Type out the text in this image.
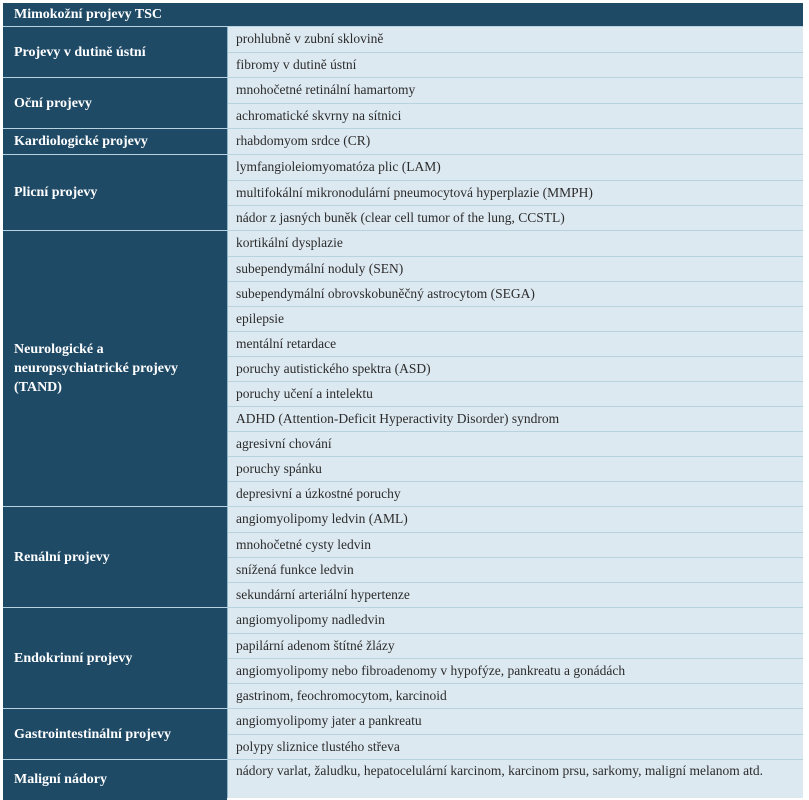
Mimokožní projevy TSC
Projevy v dutině ústní
prohlubně v zubní sklovině
fibromy v dutině ústní
Oční projevy
mnohočetné retinální hamartomy
achromatické skvrny na sítnici
Kardiologické projevy	rhabdomyom srdce (CR)
Plicní projevy
lymfangioleiomyomatóza plic (LAM)
multifokální mikronodulární pneumocytová hyperplazie (MMPH)
nádor z jasných buněk (clear cell tumor of the lung, CCSTL)
Neurologické a neuropsychiatrické projevy (TAND)
kortikální dysplazie
subependymální noduly (SEN)
subependymální obrovskobuněčný astrocytom (SEGA)
epilepsie
mentální retardace
poruchy autistického spektra (ASD)
poruchy učení a intelektu
ADHD (Attention-Deficit Hyperactivity Disorder) syndrom
agresivní chování
poruchy spánku
depresivní a úzkostné poruchy
Renální projevy
angiomyolipomy ledvin (AML)
mnohočetné cysty ledvin
snížená funkce ledvin
sekundární arteriální hypertenze
Endokrinní projevy
angiomyolipomy nadledvin
papilární adenom štítné žlázy
angiomyolipomy nebo fibroadenomy v hypofýze, pankreatu a gonádách
gastrinom, feochromocytom, karcinoid
Gastrointestinální projevy
angiomyolipomy jater a pankreatu
polypy sliznice tlustého střeva
Maligní nádory
nádory varlat, žaludku, hepatocelulární karcinom, karcinom prsu, sarkomy, maligní melanom atd.
